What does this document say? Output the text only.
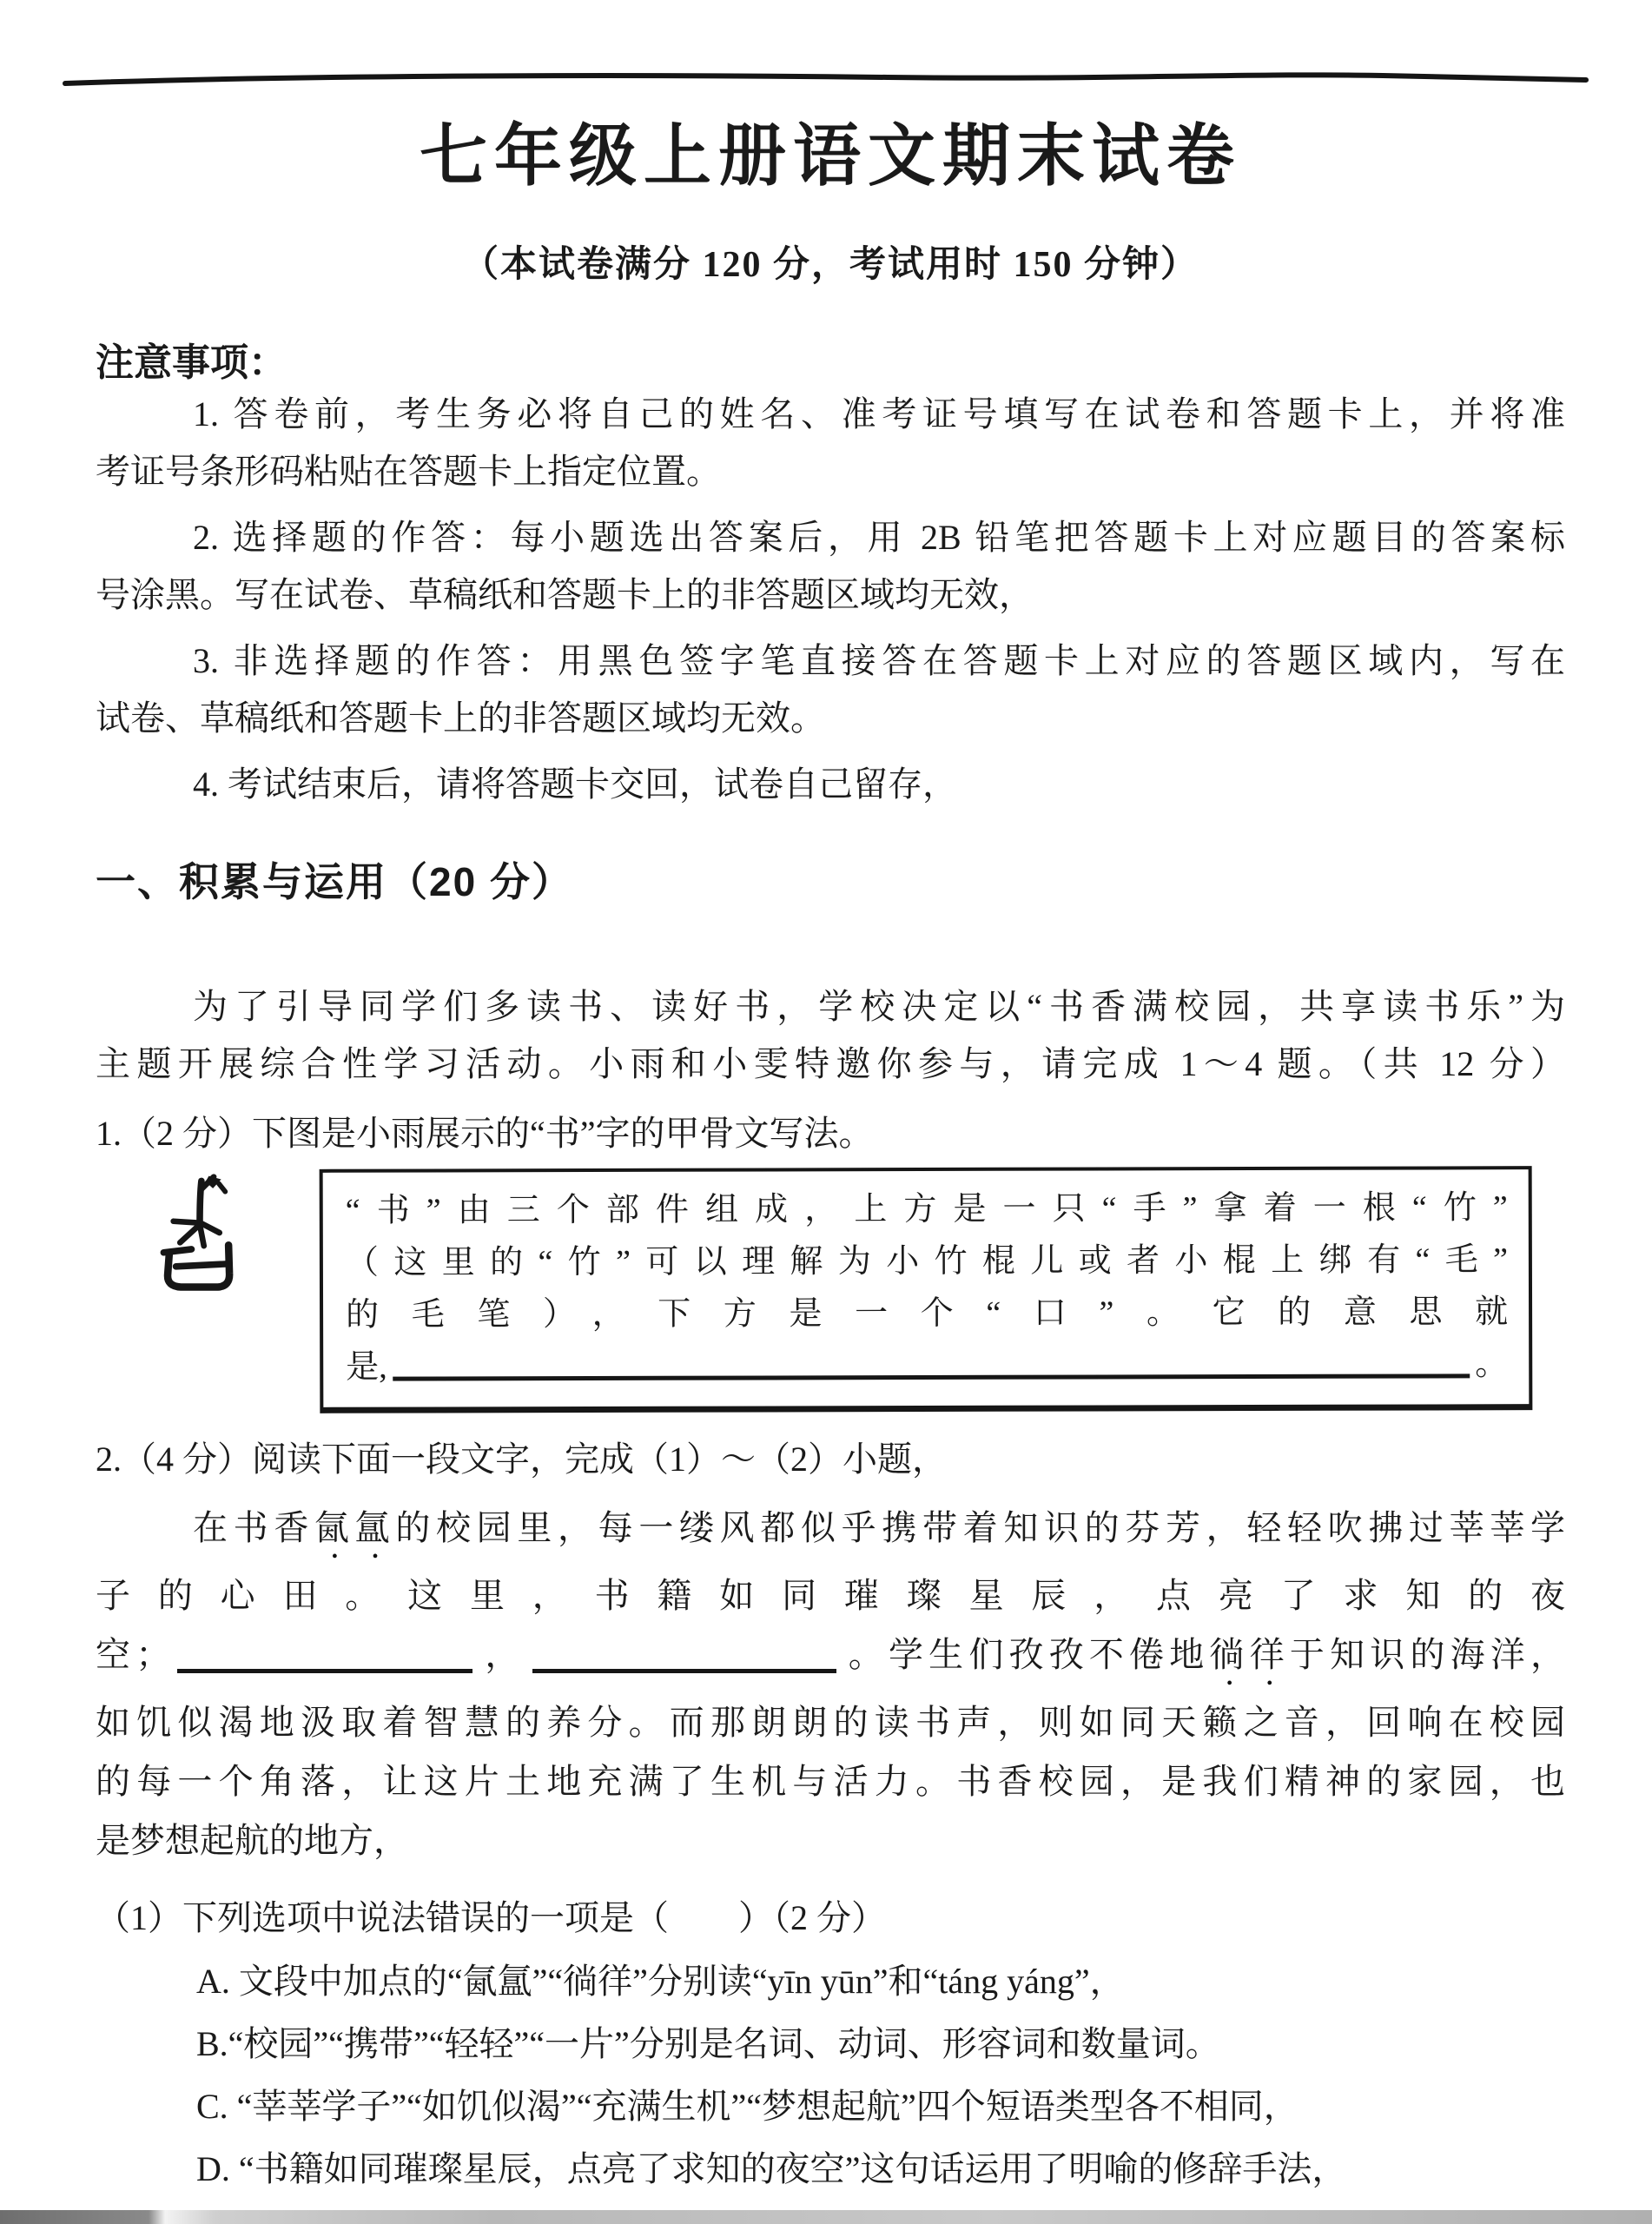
七年级上册语文期末试卷
（本试卷满分 120 分，考试用时 150 分钟）
注意事项：
1. 答卷前，考生务必将自己的姓名、准考证号填写在试卷和答题卡上，并将准
考证号条形码粘贴在答题卡上指定位置。
2. 选择题的作答：每小题选出答案后，用 2B 铅笔把答题卡上对应题目的答案标
号涂黑。写在试卷、草稿纸和答题卡上的非答题区域均无效，
3. 非选择题的作答：用黑色签字笔直接答在答题卡上对应的答题区域内，写在
试卷、草稿纸和答题卡上的非答题区域均无效。
4. 考试结束后，请将答题卡交回，试卷自己留存，
一、积累与运用（20 分）
为了引导同学们多读书、读好书，学校决定以“书香满校园，共享读书乐”为
主题开展综合性学习活动。小雨和小雯特邀你参与，请完成 1～4 题。（共 12 分）
1.（2 分）下图是小雨展示的“书”字的甲骨文写法。
“书”由三个部件组成，上方是一只“手”拿着一根“竹”
（这里的“竹”可以理解为小竹棍儿或者小棍上绑有“毛”
的毛笔），下方是一个“口”。它的意思就
是,	。
2.（4 分）阅读下面一段文字，完成（1）～（2）小题，
在书香氤氲的校园里，每一缕风都似乎携带着知识的芬芳，轻轻吹拂过莘莘学
子的心田。这里，书籍如同璀璨星辰，点亮了求知的夜
空；	，	。学生们孜孜不倦地徜徉于知识的海洋，
如饥似渴地汲取着智慧的养分。而那朗朗的读书声，则如同天籁之音，回响在校园
的每一个角落，让这片土地充满了生机与活力。书香校园，是我们精神的家园，也
是梦想起航的地方，
（1）下列选项中说法错误的一项是（　　）（2 分）
A. 文段中加点的“氤氲”“徜徉”分别读“yīn yūn”和“táng yáng”，
B.“校园”“携带”“轻轻”“一片”分别是名词、动词、形容词和数量词。
C. “莘莘学子”“如饥似渴”“充满生机”“梦想起航”四个短语类型各不相同，
D. “书籍如同璀璨星辰，点亮了求知的夜空”这句话运用了明喻的修辞手法，
